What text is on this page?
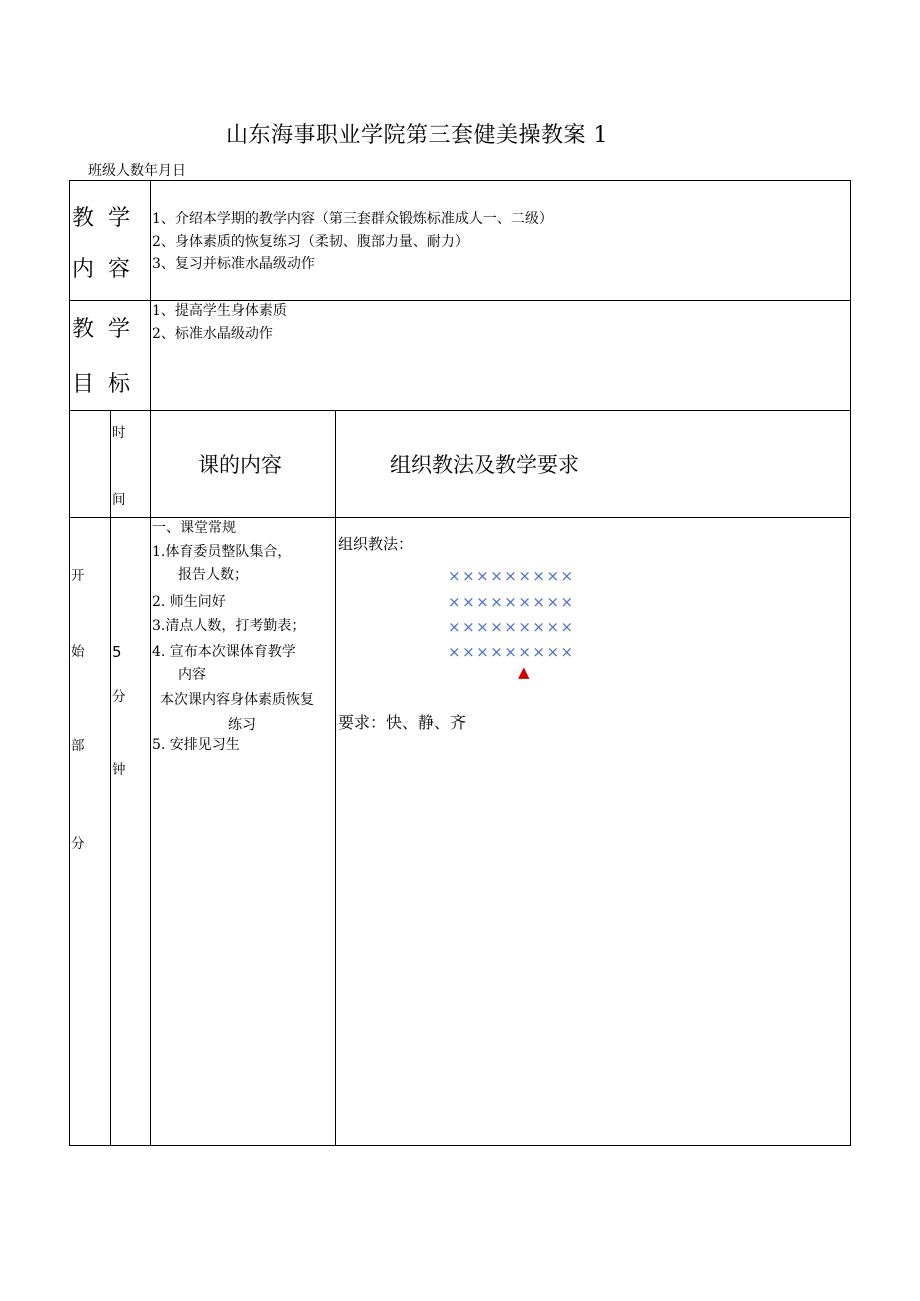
山东海事职业学院第三套健美操教案 1
班级人数年月日
教  学
内  容
1、介绍本学期的教学内容（第三套群众锻炼标准成人一、二级）
2、身体素质的恢复练习（柔韧、腹部力量、耐力）
3、复习并标准水晶级动作
教  学
目  标
1、提高学生身体素质
2、标准水晶级动作
时
间
课的内容	组织教法及教学要求
开
始
部
分
5
分
钟
一、课堂常规
1.体育委员整队集合，
报告人数；
2. 师生问好
3.清点人数，打考勤表；
4. 宣布本次课体育教学
内容
本次课内容身体素质恢复
练习
5. 安排见习生
组织教法：
×××××××××
×××××××××
×××××××××
×××××××××
▲
要求：快、静、齐
